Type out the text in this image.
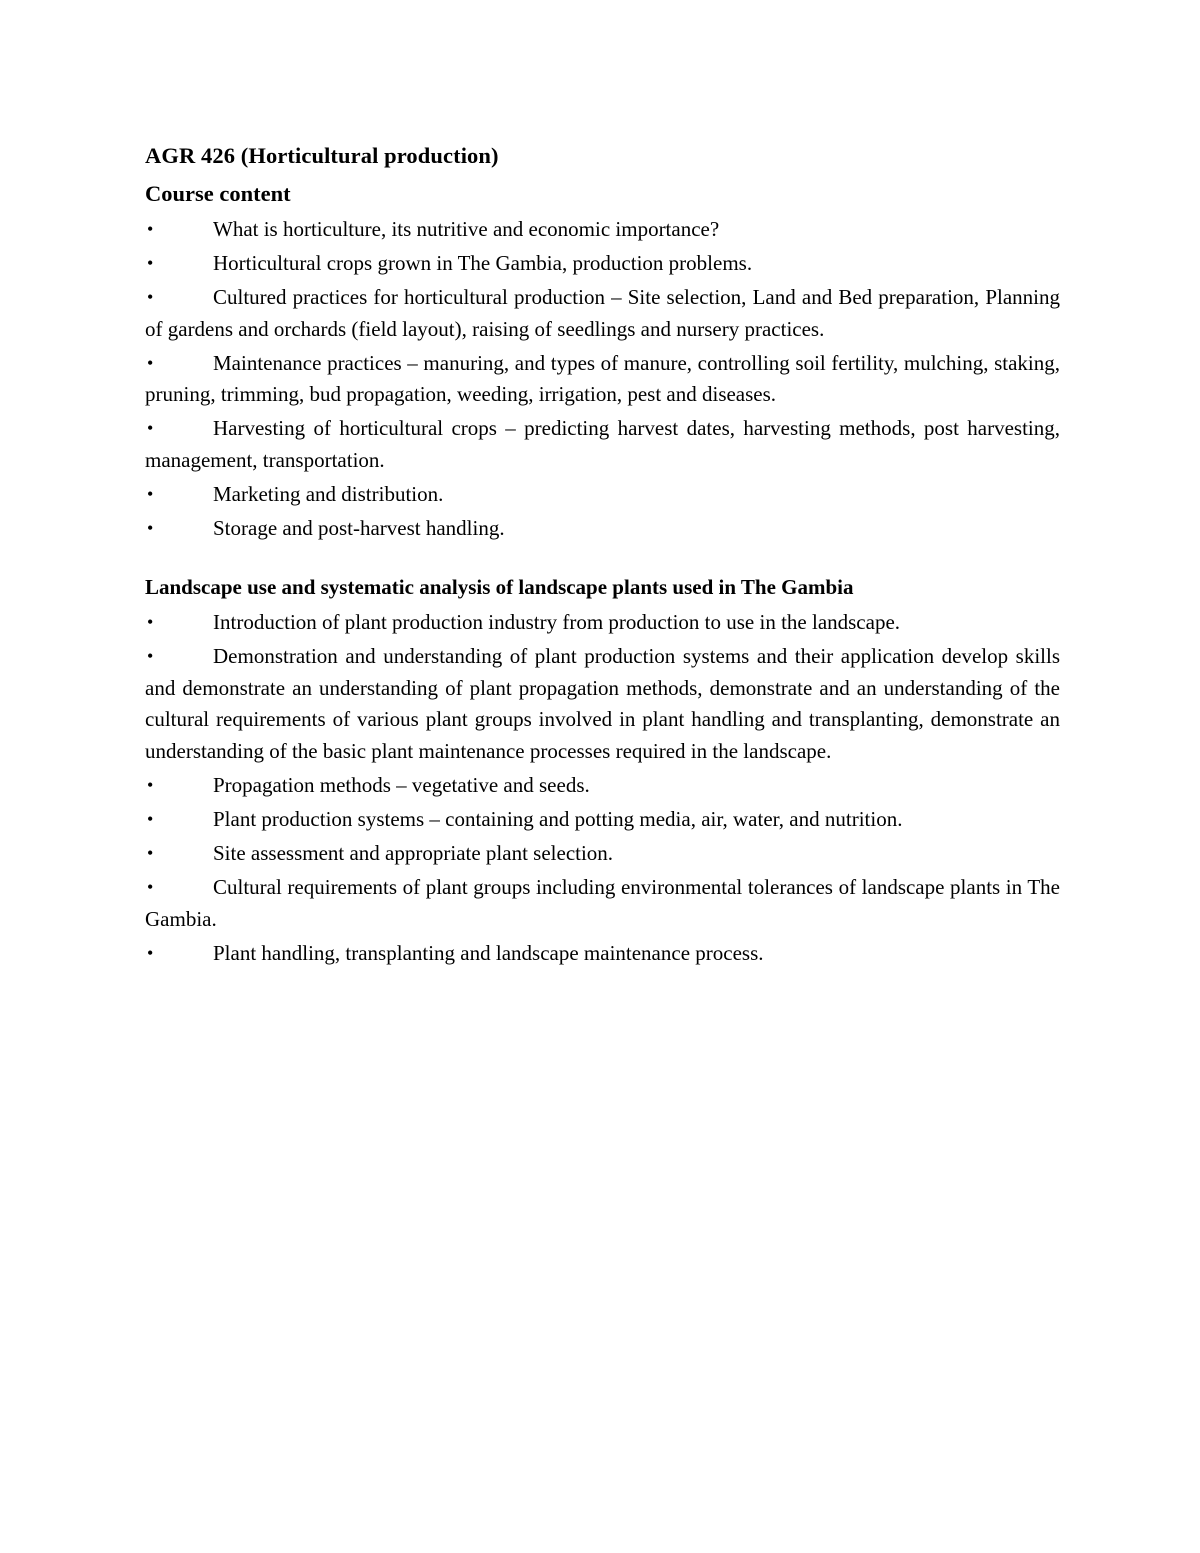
AGR 426 (Horticultural production)
Course content
•	What is horticulture, its nutritive and economic importance?
•	Horticultural crops grown in The Gambia, production problems.
•	Cultured practices for horticultural production – Site selection, Land and Bed preparation, Planning of gardens and orchards (field layout), raising of seedlings and nursery practices.
•	Maintenance practices – manuring, and types of manure, controlling soil fertility, mulching, staking, pruning, trimming, bud propagation, weeding, irrigation, pest and diseases.
•	Harvesting of horticultural crops – predicting harvest dates, harvesting methods, post harvesting, management, transportation.
•	Marketing and distribution.
•	Storage and post-harvest handling.
Landscape use and systematic analysis of landscape plants used in The Gambia
•	Introduction of plant production industry from production to use in the landscape.
•	Demonstration and understanding of plant production systems and their application develop skills and demonstrate an understanding of plant propagation methods, demonstrate and an understanding of the cultural requirements of various plant groups involved in plant handling and transplanting, demonstrate an understanding of the basic plant maintenance processes required in the landscape.
•	Propagation methods – vegetative and seeds.
•	Plant production systems – containing and potting media, air, water, and nutrition.
•	Site assessment and appropriate plant selection.
•	Cultural requirements of plant groups including environmental tolerances of landscape plants in The Gambia.
•	Plant handling, transplanting and landscape maintenance process.
